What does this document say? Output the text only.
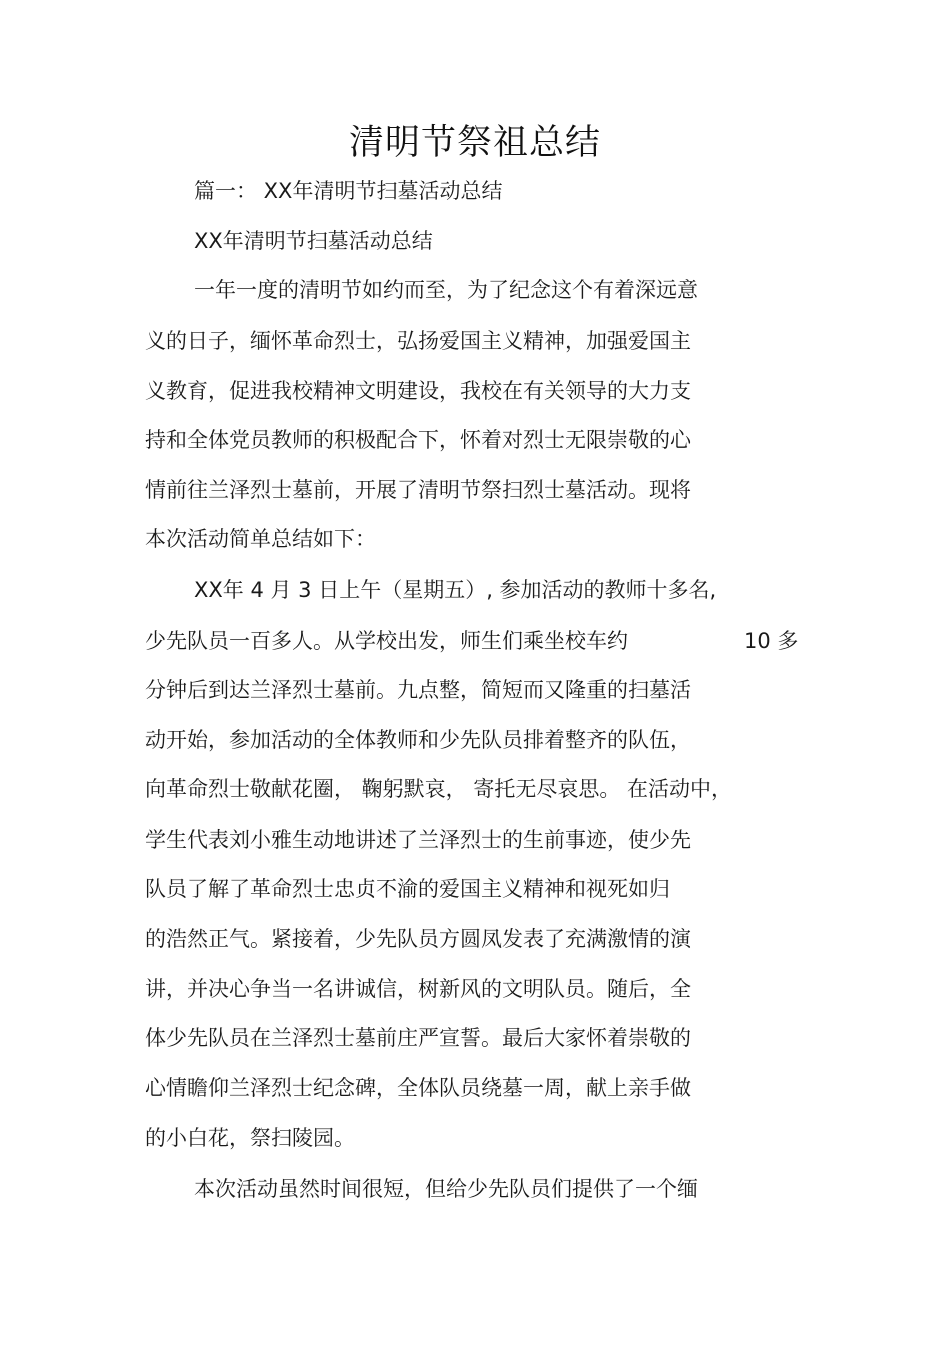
清明节祭祖总结
篇一： XX年清明节扫墓活动总结
XX年清明节扫墓活动总结
一年一度的清明节如约而至，为了纪念这个有着深远意
义的日子，缅怀革命烈士，弘扬爱国主义精神，加强爱国主
义教育，促进我校精神文明建设，我校在有关领导的大力支
持和全体党员教师的积极配合下，怀着对烈士无限崇敬的心
情前往兰泽烈士墓前，开展了清明节祭扫烈士墓活动。现将
本次活动简单总结如下：
XX年 4 月 3 日上午（星期五）, 参加活动的教师十多名,
少先队员一百多人。从学校出发，师生们乘坐校车约	10 多
分钟后到达兰泽烈士墓前。九点整，简短而又隆重的扫墓活
动开始，参加活动的全体教师和少先队员排着整齐的队伍，
向革命烈士敬献花圈， 鞠躬默哀， 寄托无尽哀思。 在活动中，
学生代表刘小雅生动地讲述了兰泽烈士的生前事迹，使少先
队员了解了革命烈士忠贞不渝的爱国主义精神和视死如归
的浩然正气。紧接着，少先队员方圆凤发表了充满激情的演
讲，并决心争当一名讲诚信，树新风的文明队员。随后，全
体少先队员在兰泽烈士墓前庄严宣誓。最后大家怀着崇敬的
心情瞻仰兰泽烈士纪念碑，全体队员绕墓一周，献上亲手做
的小白花，祭扫陵园。
本次活动虽然时间很短，但给少先队员们提供了一个缅
